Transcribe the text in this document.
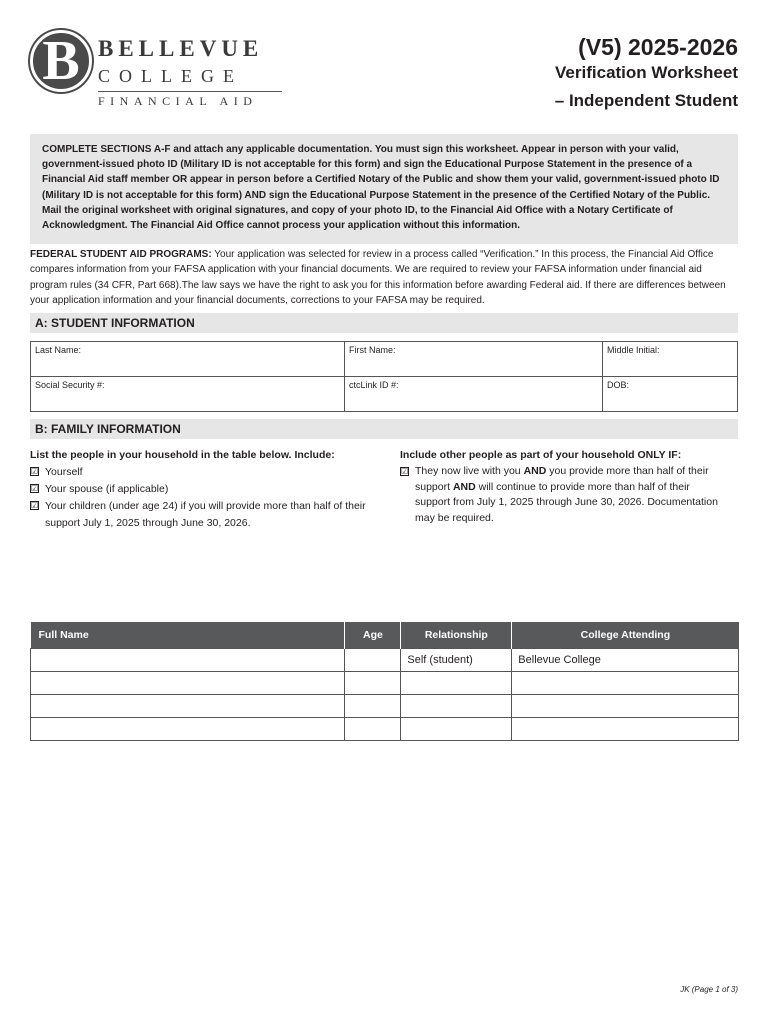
B BELLEVUE
COLLEGE
FINANCIAL AID
(V5) 2025-2026
Verification Worksheet
– Independent Student
COMPLETE SECTIONS A-F and attach any applicable documentation. You must sign this worksheet. Appear in person with your valid, government-issued photo ID (Military ID is not acceptable for this form) and sign the Educational Purpose Statement in the presence of a Financial Aid staff member OR appear in person before a Certified Notary of the Public and show them your valid, government-issued photo ID (Military ID is not acceptable for this form) AND sign the Educational Purpose Statement in the presence of the Certified Notary of the Public. Mail the original worksheet with original signatures, and copy of your photo ID, to the Financial Aid Office with a Notary Certificate of Acknowledgment. The Financial Aid Office cannot process your application without this information.
FEDERAL STUDENT AID PROGRAMS: Your application was selected for review in a process called “Verification.” In this process, the Financial Aid Office compares information from your FAFSA application with your financial documents. We are required to review your FAFSA information under financial aid program rules (34 CFR, Part 668).The law says we have the right to ask you for this information before awarding Federal aid. If there are differences between your application information and your financial documents, corrections to your FAFSA may be required.
A: STUDENT INFORMATION
Last Name:	First Name:	Middle Initial:
Social Security #:	ctcLink ID #:	DOB:
B: FAMILY INFORMATION
List the people in your household in the table below. Include:
☑ Yourself
☑ Your spouse (if applicable)
☑ Your children (under age 24) if you will provide more than half of their support July 1, 2025 through June 30, 2026.
Include other people as part of your household ONLY IF:
☑ They now live with you AND you provide more than half of their support AND will continue to provide more than half of their support from July 1, 2025 through June 30, 2026. Documentation may be required.
Full Name	Age	Relationship	College Attending
		Self (student)	Bellevue College

JK (Page 1 of 3)
